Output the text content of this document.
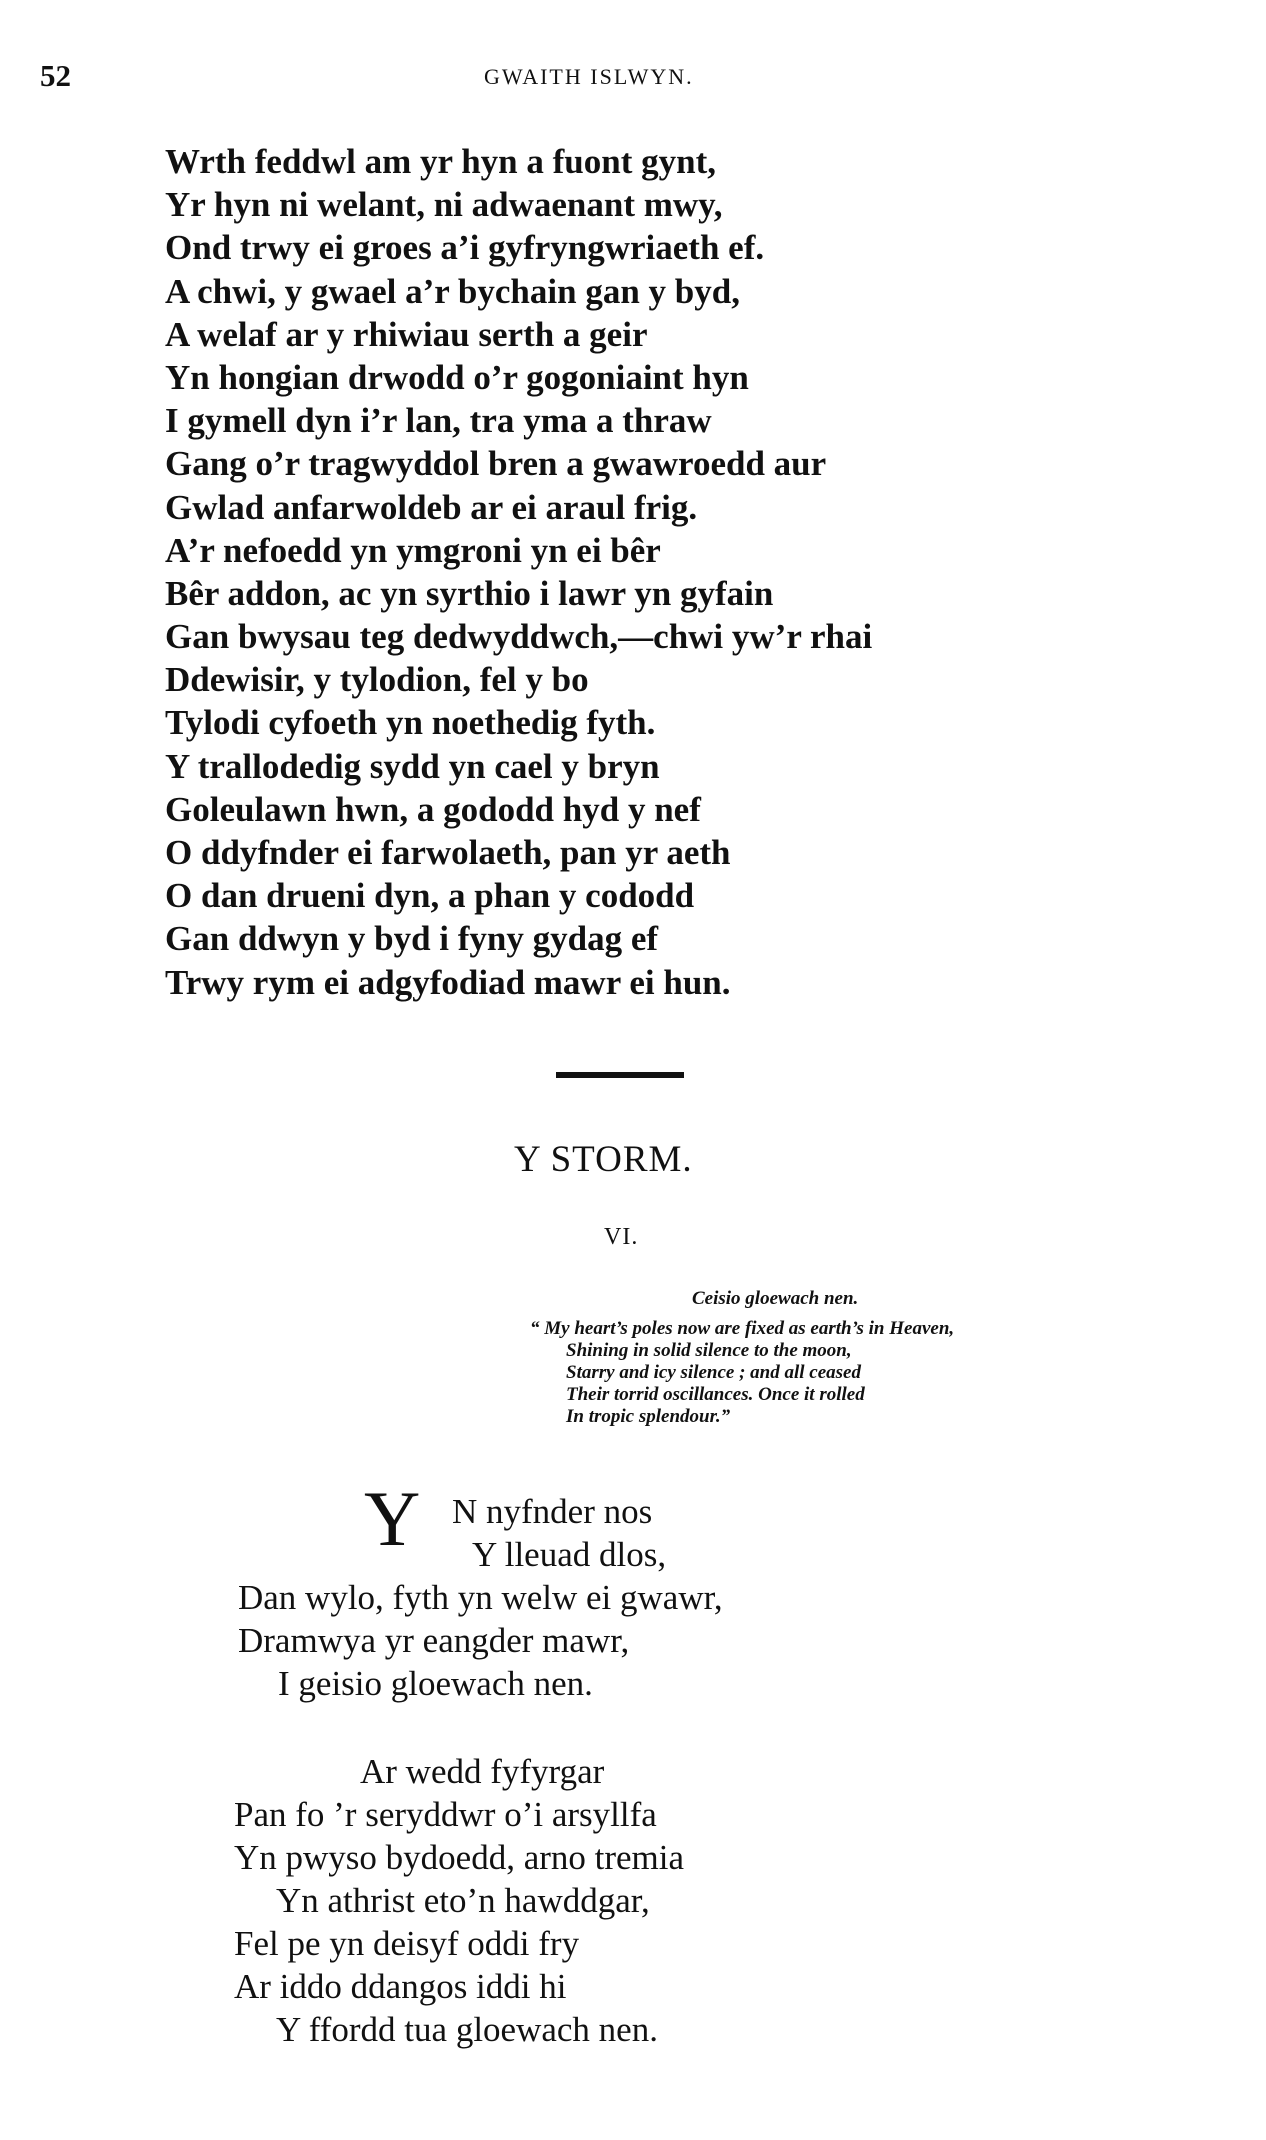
52	GWAITH ISLWYN.
Wrth feddwl am yr hyn a fuont gynt,
Yr hyn ni welant, ni adwaenant mwy,
Ond trwy ei groes a’i gyfryngwriaeth ef.
A chwi, y gwael a’r bychain gan y byd,
A welaf ar y rhiwiau serth a geir
Yn hongian drwodd o’r gogoniaint hyn
I gymell dyn i’r lan, tra yma a thraw
Gang o’r tragwyddol bren a gwawroedd aur
Gwlad anfarwoldeb ar ei araul frig.
A’r nefoedd yn ymgroni yn ei bêr
Bêr addon, ac yn syrthio i lawr yn gyfain
Gan bwysau teg dedwyddwch,—chwi yw’r rhai
Ddewisir, y tylodion, fel y bo
Tylodi cyfoeth yn noethedig fyth.
Y trallodedig sydd yn cael y bryn
Goleulawn hwn, a gododd hyd y nef
O ddyfnder ei farwolaeth, pan yr aeth
O dan drueni dyn, a phan y cododd
Gan ddwyn y byd i fyny gydag ef
Trwy rym ei adgyfodiad mawr ei hun.
Y STORM.
VI.
Ceisio gloewach nen.
“ My heart’s poles now are fixed as earth’s in Heaven,
Shining in solid silence to the moon,
Starry and icy silence ; and all ceased
Their torrid oscillances. Once it rolled
In tropic splendour.”
Y N nyfnder nos
Y lleuad dlos,
Dan wylo, fyth yn welw ei gwawr,
Dramwya yr eangder mawr,
I geisio gloewach nen.
Ar wedd fyfyrgar
Pan fo ’r seryddwr o’i arsyllfa
Yn pwyso bydoedd, arno tremia
Yn athrist eto’n hawddgar,
Fel pe yn deisyf oddi fry
Ar iddo ddangos iddi hi
Y ffordd tua gloewach nen.
